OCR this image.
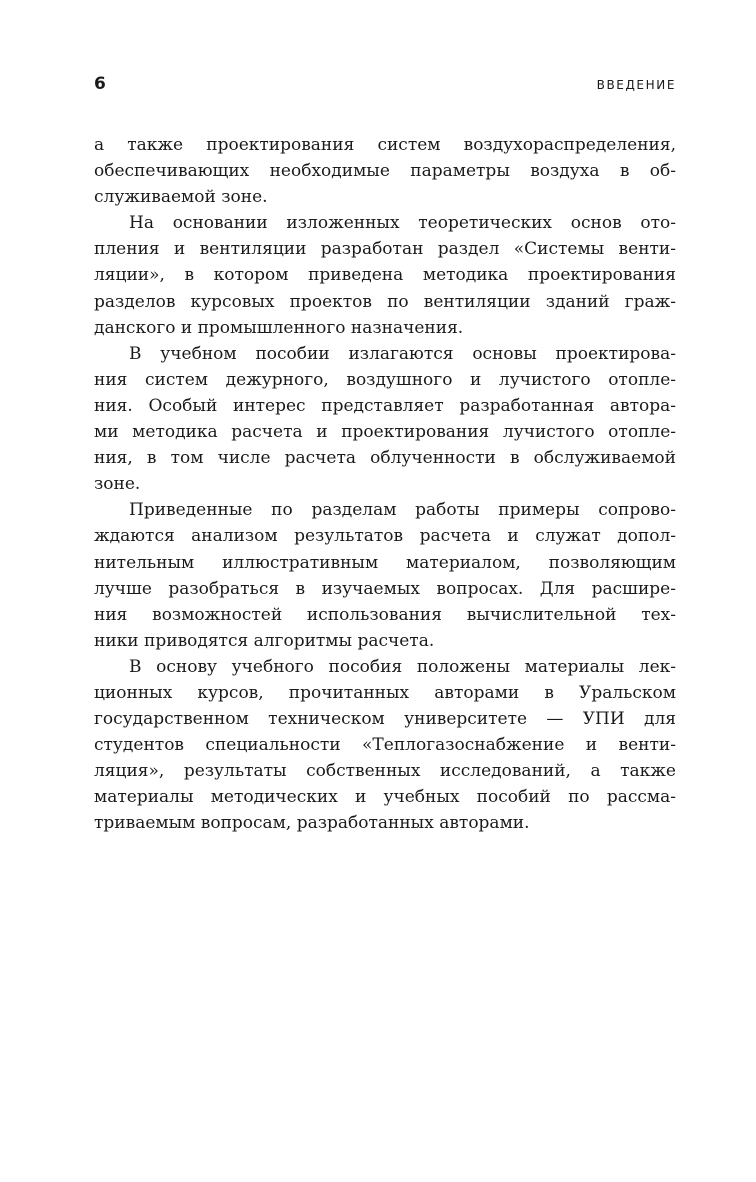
6	ВВЕДЕНИЕ
а также проектирования систем воздухораспределения,
обеспечивающих необходимые параметры воздуха в об-
служиваемой зоне.
На основании изложенных теоретических основ ото-
пления и вентиляции разработан раздел «Системы венти-
ляции», в котором приведена методика проектирования
разделов курсовых проектов по вентиляции зданий граж-
данского и промышленного назначения.
В учебном пособии излагаются основы проектирова-
ния систем дежурного, воздушного и лучистого отопле-
ния. Особый интерес представляет разработанная автора-
ми методика расчета и проектирования лучистого отопле-
ния, в том числе расчета облученности в обслуживаемой
зоне.
Приведенные по разделам работы примеры сопрово-
ждаются анализом результатов расчета и служат допол-
нительным иллюстративным материалом, позволяющим
лучше разобраться в изучаемых вопросах. Для расшире-
ния возможностей использования вычислительной тех-
ники приводятся алгоритмы расчета.
В основу учебного пособия положены материалы лек-
ционных курсов, прочитанных авторами в Уральском
государственном техническом университете — УПИ для
студентов специальности «Теплогазоснабжение и венти-
ляция», результаты собственных исследований, а также
материалы методических и учебных пособий по рассма-
триваемым вопросам, разработанных авторами.
